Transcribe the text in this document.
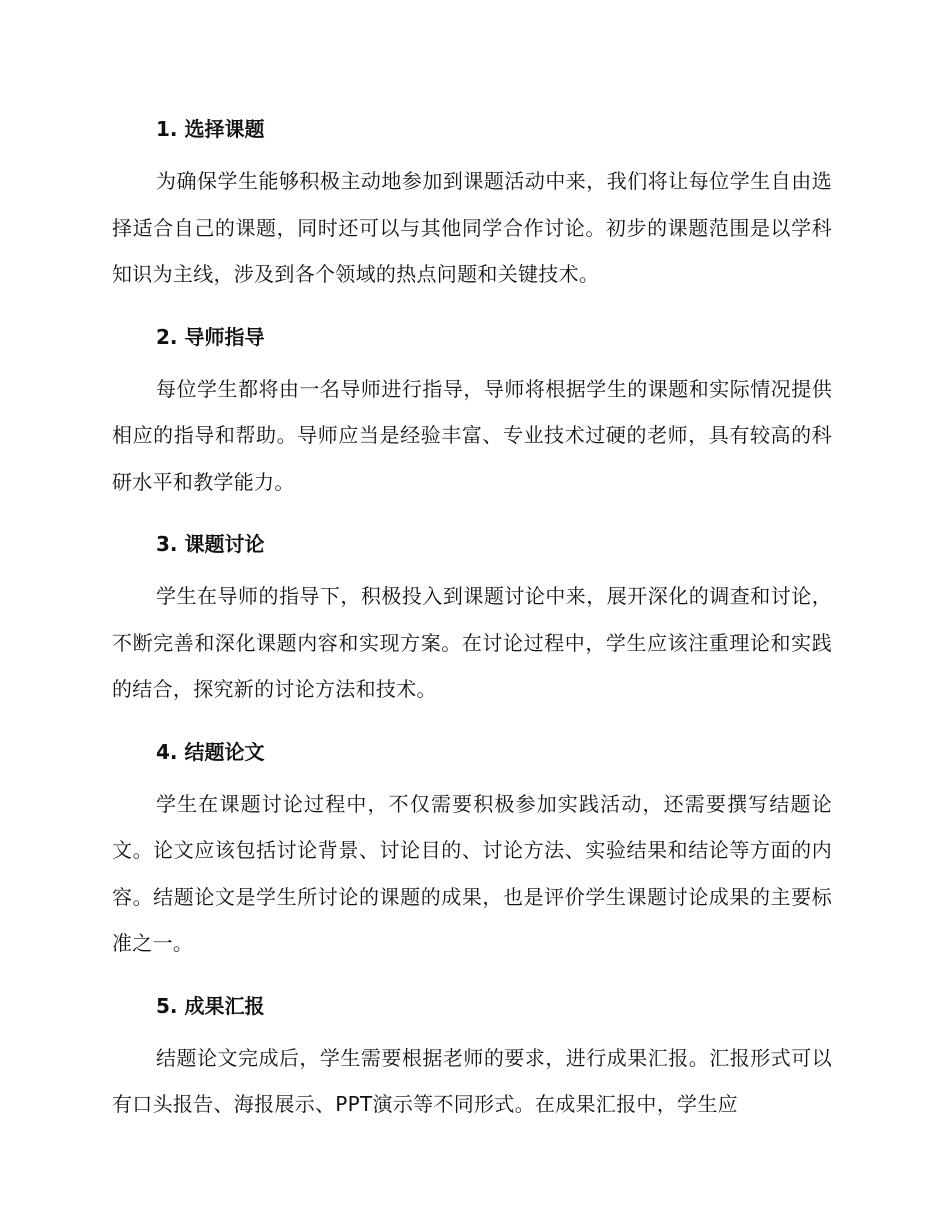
1. 选择课题

为确保学生能够积极主动地参加到课题活动中来，我们将让每位学生自由选择适合自己的课题，同时还可以与其他同学合作讨论。初步的课题范围是以学科知识为主线，涉及到各个领域的热点问题和关键技术。

2. 导师指导

每位学生都将由一名导师进行指导，导师将根据学生的课题和实际情况提供相应的指导和帮助。导师应当是经验丰富、专业技术过硬的老师，具有较高的科研水平和教学能力。

3. 课题讨论

学生在导师的指导下，积极投入到课题讨论中来，展开深化的调查和讨论，不断完善和深化课题内容和实现方案。在讨论过程中，学生应该注重理论和实践的结合，探究新的讨论方法和技术。

4. 结题论文

学生在课题讨论过程中，不仅需要积极参加实践活动，还需要撰写结题论文。论文应该包括讨论背景、讨论目的、讨论方法、实验结果和结论等方面的内容。结题论文是学生所讨论的课题的成果，也是评价学生课题讨论成果的主要标准之一。

5. 成果汇报

结题论文完成后，学生需要根据老师的要求，进行成果汇报。汇报形式可以有口头报告、海报展示、PPT演示等不同形式。在成果汇报中，学生应
